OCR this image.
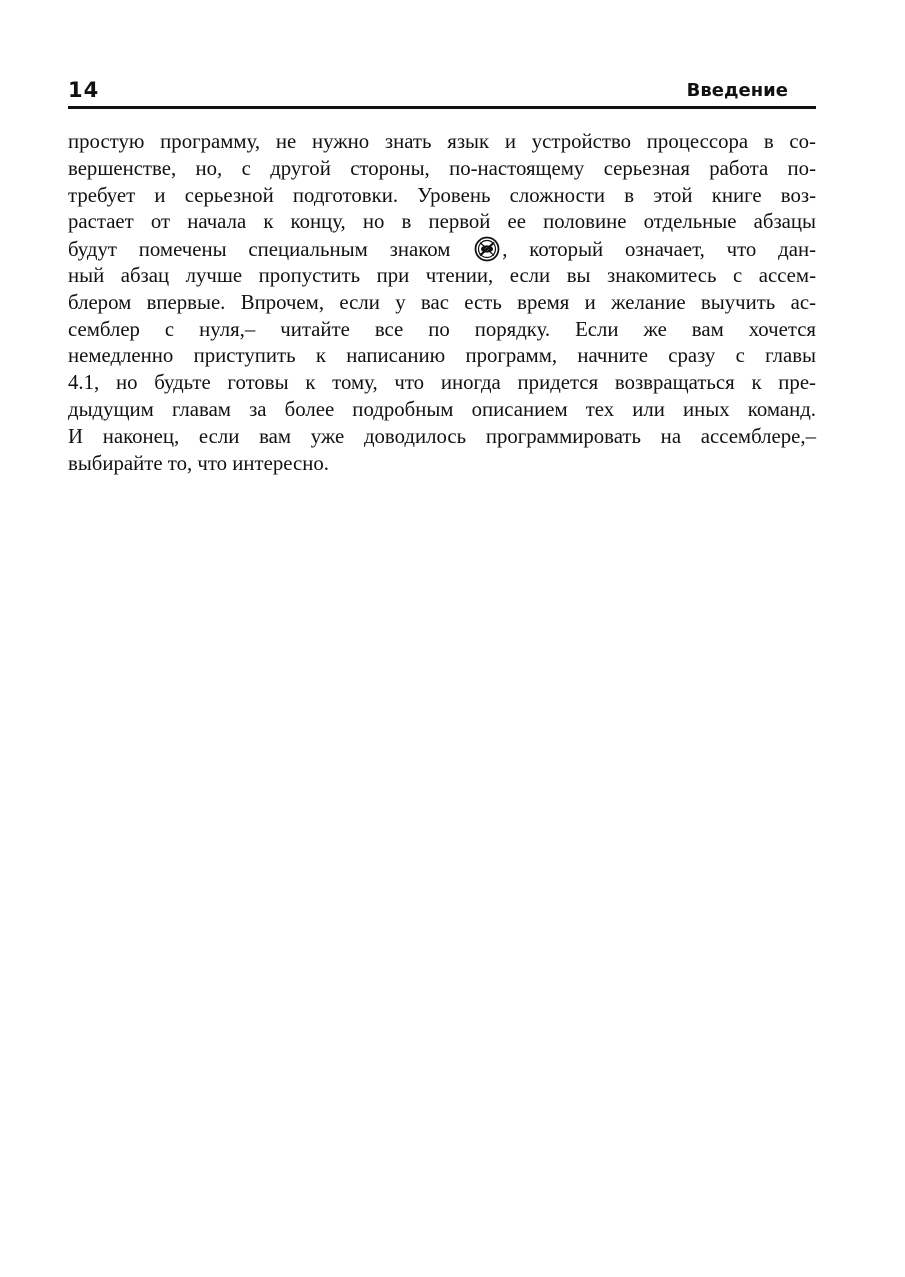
14	Введение
простую программу, не нужно знать язык и устройство процессора в со-
вершенстве, но, с другой стороны, по-настоящему серьезная работа по-
требует и серьезной подготовки. Уровень сложности в этой книге воз-
растает от начала к концу, но в первой ее половине отдельные абзацы
будут помечены специальным знаком , который означает, что дан-
ный абзац лучше пропустить при чтении, если вы знакомитесь с ассем-
блером впервые. Впрочем, если у вас есть время и желание выучить ас-
семблер с нуля,– читайте все по порядку. Если же вам хочется
немедленно приступить к написанию программ, начните сразу с главы
4.1, но будьте готовы к тому, что иногда придется возвращаться к пре-
дыдущим главам за более подробным описанием тех или иных команд.
И наконец, если вам уже доводилось программировать на ассемблере,–
выбирайте то, что интересно.
